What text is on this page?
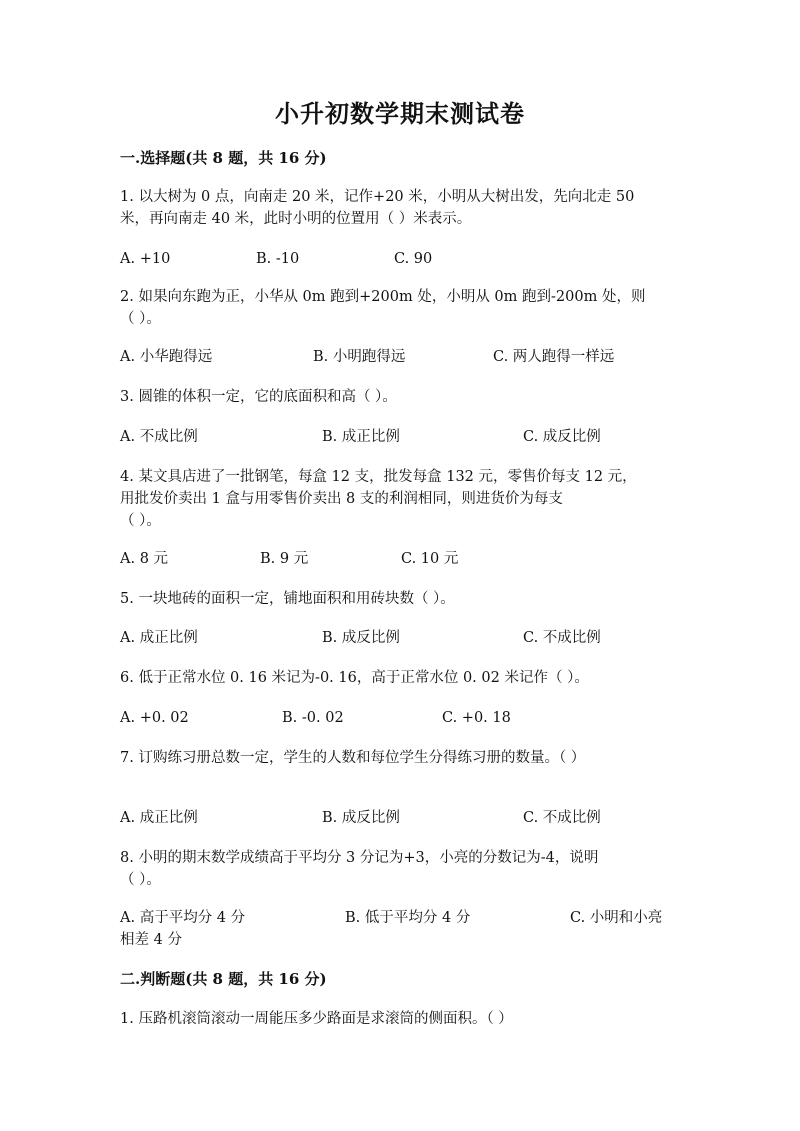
小升初数学期末测试卷
一.选择题(共 8 题，共 16 分)
1. 以大树为 0 点，向南走 20 米，记作+20 米，小明从大树出发，先向北走 50
米，再向南走 40 米，此时小明的位置用（ ）米表示。
A. +10	B. -10	C. 90
2. 如果向东跑为正，小华从 0m 跑到+200m 处，小明从 0m 跑到-200m 处，则
（ ）。
A. 小华跑得远	B. 小明跑得远	C. 两人跑得一样远
3. 圆锥的体积一定，它的底面积和高（ ）。
A. 不成比例	B. 成正比例	C. 成反比例
4. 某文具店进了一批钢笔，每盒 12 支，批发每盒 132 元，零售价每支 12 元，
用批发价卖出 1 盒与用零售价卖出 8 支的利润相同，则进货价为每支
（ ）。
A. 8 元	B. 9 元	C. 10 元
5. 一块地砖的面积一定，铺地面积和用砖块数（ ）。
A. 成正比例	B. 成反比例	C. 不成比例
6. 低于正常水位 0. 16 米记为-0. 16，高于正常水位 0. 02 米记作（ ）。
A. +0. 02	B. -0. 02	C. +0. 18
7. 订购练习册总数一定，学生的人数和每位学生分得练习册的数量。（ ）
A. 成正比例	B. 成反比例	C. 不成比例
8. 小明的期末数学成绩高于平均分 3 分记为+3，小亮的分数记为-4，说明
（ ）。
A. 高于平均分 4 分	B. 低于平均分 4 分	C. 小明和小亮
相差 4 分
二.判断题(共 8 题，共 16 分)
1. 压路机滚筒滚动一周能压多少路面是求滚筒的侧面积。（ ）
